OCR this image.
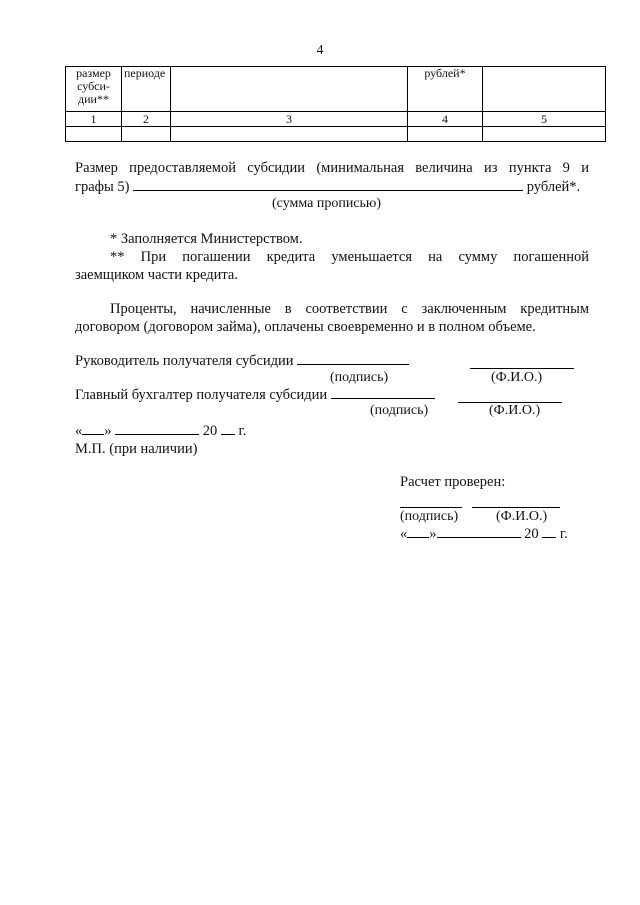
4
размер субси-дии**	периоде		рублей*	
1	2	3	4	5

Размер предоставляемой субсидии (минимальная величина из пункта 9 и
графы 5)	рублей*.
(сумма прописью)
* Заполняется Министерством.
** При погашении кредита уменьшается на сумму погашенной
заемщиком части кредита.
Проценты, начисленные в соответствии с заключенным кредитным
договором (договором займа), оплачены своевременно и в полном объеме.
Руководитель получателя субсидии
(подпись)	(Ф.И.О.)
Главный бухгалтер получателя субсидии
(подпись)	(Ф.И.О.)
« »	20 г.
М.П. (при наличии)
Расчет проверен:
(подпись)	(Ф.И.О.)
« »	20 г.
